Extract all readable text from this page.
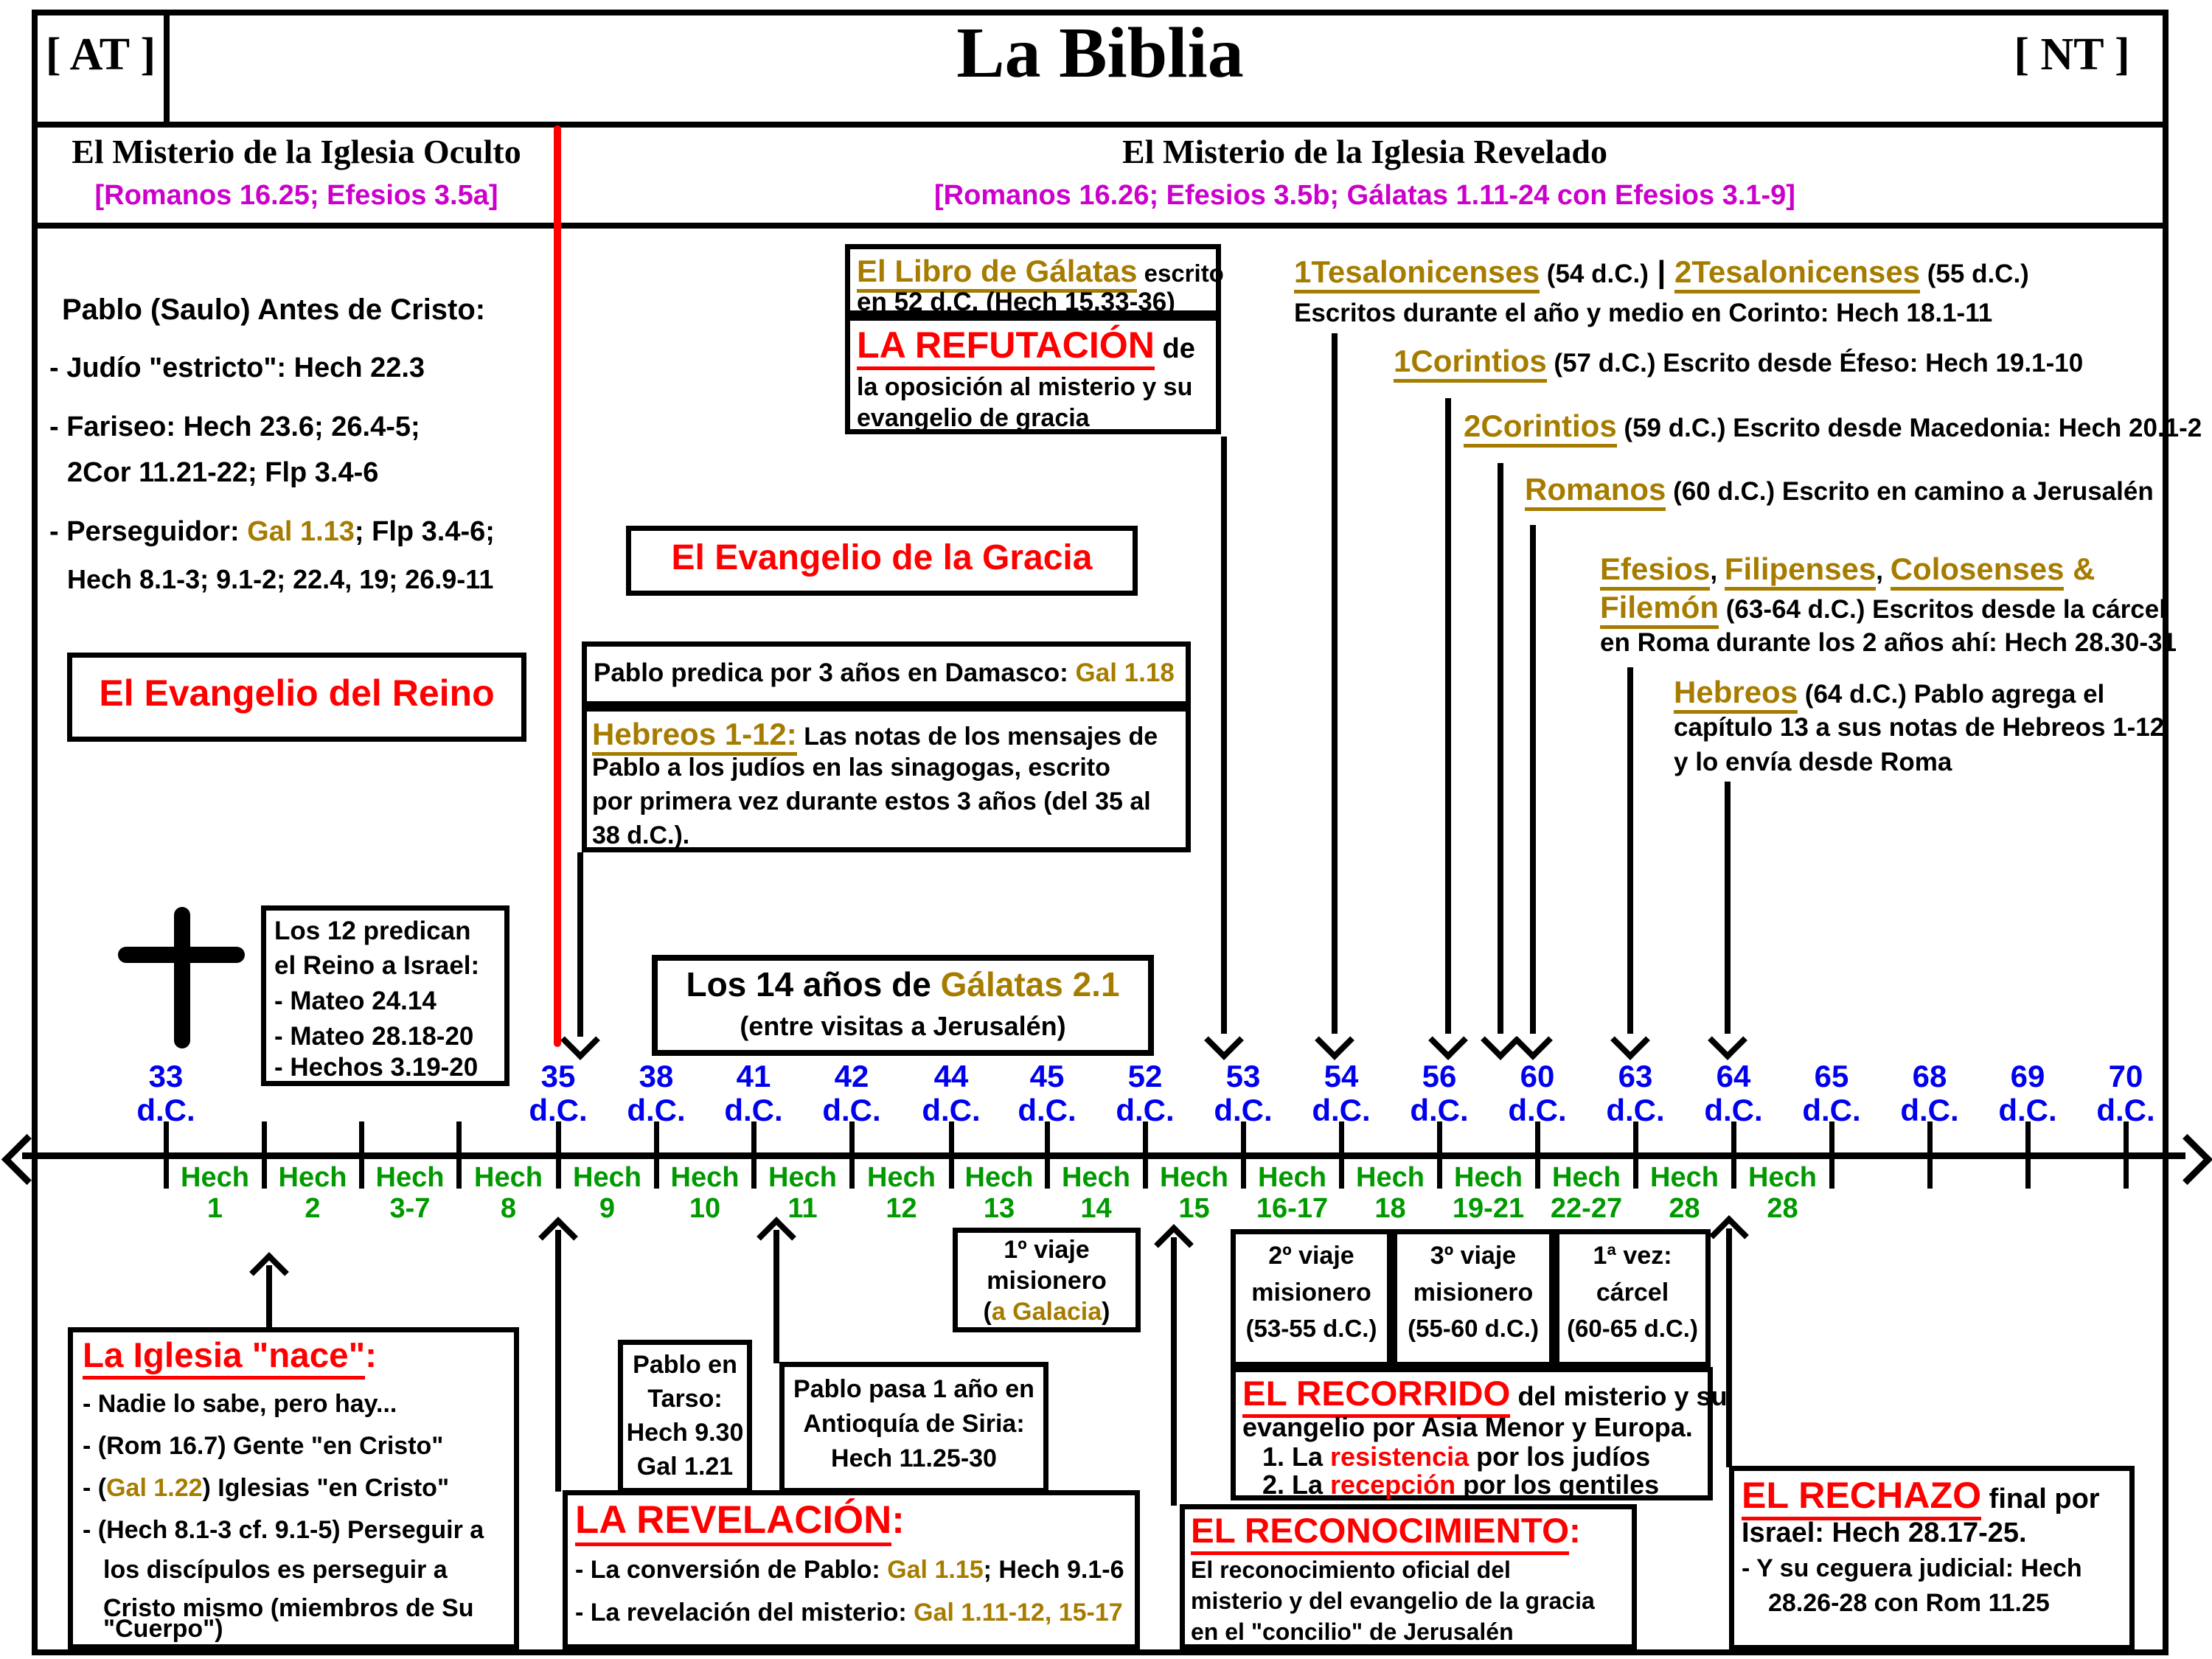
[ AT ]	La Biblia	[ NT ]
El Misterio de la Iglesia Oculto
[Romanos 16.25; Efesios 3.5a]
El Misterio de la Iglesia Revelado
[Romanos 16.26; Efesios 3.5b; Gálatas 1.11-24 con Efesios 3.1-9]
Pablo (Saulo) Antes de Cristo:
- Judío "estricto": Hech 22.3
- Fariseo: Hech 23.6; 26.4-5;
2Cor 11.21-22; Flp 3.4-6
- Perseguidor: Gal 1.13; Flp 3.4-6;
Hech 8.1-3; 9.1-2; 22.4, 19; 26.9-11
El Evangelio del Reino
El Evangelio de la Gracia
El Libro de Gálatas escrito
en 52 d.C. (Hech 15.33-36)
LA REFUTACIÓN de
la oposición al misterio y su
evangelio de gracia
Pablo predica por 3 años en Damasco: Gal 1.18
Hebreos 1-12: Las notas de los mensajes de
Pablo a los judíos en las sinagogas, escrito
por primera vez durante estos 3 años (del 35 al
38 d.C.).
1Tesalonicenses (54 d.C.) | 2Tesalonicenses (55 d.C.)
Escritos durante el año y medio en Corinto: Hech 18.1-11
1Corintios (57 d.C.) Escrito desde Éfeso: Hech 19.1-10
2Corintios (59 d.C.) Escrito desde Macedonia: Hech 20.1-2
Romanos (60 d.C.) Escrito en camino a Jerusalén
Efesios, Filipenses, Colosenses &
Filemón (63-64 d.C.) Escritos desde la cárcel
en Roma durante los 2 años ahí: Hech 28.30-31
Hebreos (64 d.C.) Pablo agrega el
capítulo 13 a sus notas de Hebreos 1-12
y lo envía desde Roma
Los 12 predican
el Reino a Israel:
- Mateo 24.14
- Mateo 28.18-20
- Hechos 3.19-20
Los 14 años de Gálatas 2.1
(entre visitas a Jerusalén)
33
d.C.
35
d.C.
38
d.C.
41
d.C.
42
d.C.
44
d.C.
45
d.C.
52
d.C.
53
d.C.
54
d.C.
56
d.C.
60
d.C.
63
d.C.
64
d.C.
65
d.C.
68
d.C.
69
d.C.
70
d.C.
Hech
1
Hech
2
Hech
3-7
Hech
8
Hech
9
Hech
10
Hech
11
Hech
12
Hech
13
Hech
14
Hech
15
Hech
16-17
Hech
18
Hech
19-21
Hech
22-27
Hech
28
Hech
28
1º viaje
misionero
(a Galacia)
2º viaje
misionero
(53-55 d.C.)
3º viaje
misionero
(55-60 d.C.)
1ª vez:
cárcel
(60-65 d.C.)
EL RECORRIDO del misterio y su
evangelio por Asia Menor y Europa.
1. La resistencia por los judíos
2. La recepción por los gentiles
La Iglesia "nace":
- Nadie lo sabe, pero hay...
- (Rom 16.7) Gente "en Cristo"
- (Gal 1.22) Iglesias "en Cristo"
- (Hech 8.1-3 cf. 9.1-5) Perseguir a
los discípulos es perseguir a
Cristo mismo (miembros de Su
"Cuerpo")
Pablo en
Tarso:
Hech 9.30
Gal 1.21
Pablo pasa 1 año en
Antioquía de Siria:
Hech 11.25-30
LA REVELACIÓN:
- La conversión de Pablo: Gal 1.15; Hech 9.1-6
- La revelación del misterio: Gal 1.11-12, 15-17
EL RECONOCIMIENTO:
El reconocimiento oficial del
misterio y del evangelio de la gracia
en el "concilio" de Jerusalén
EL RECHAZO final por
Israel: Hech 28.17-25.
- Y su ceguera judicial: Hech
28.26-28 con Rom 11.25
